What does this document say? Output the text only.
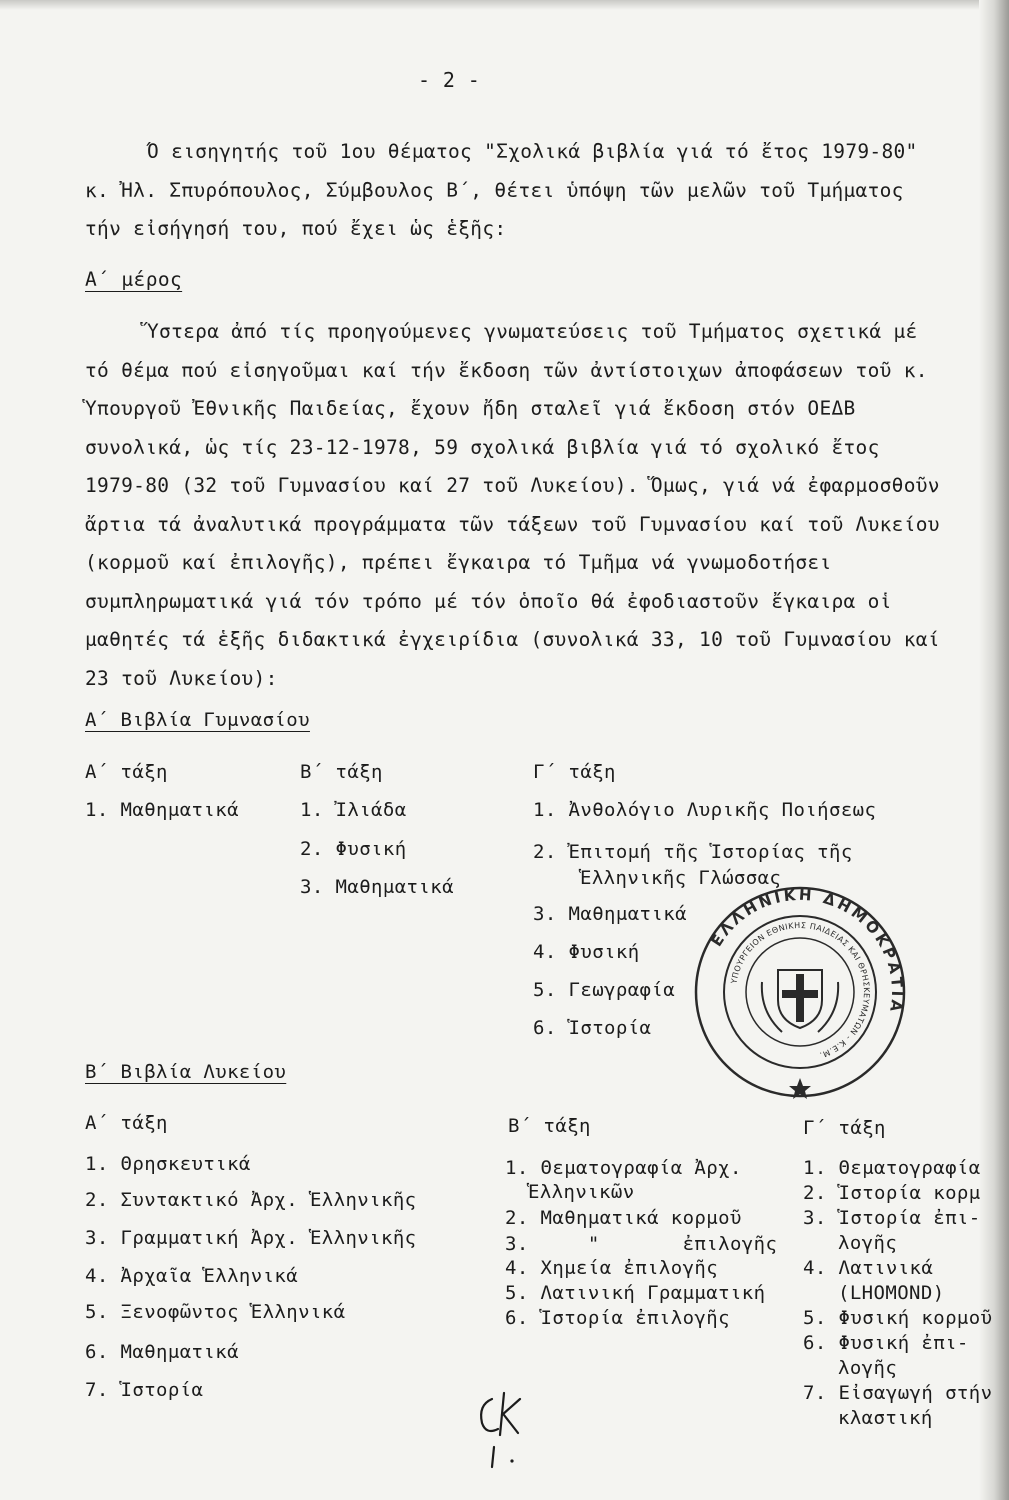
- 2 -
Ό εισηγητής τοῦ 1ου θέματος "Σχολικά βιβλία γιά τό ἔτος 1979-80" κ. Ἠλ. Σπυρόπουλος, Σύμβουλος Β΄, θέτει ὑπόψη τῶν μελῶν τοῦ Τμήματος τήν εἰσήγησή του, πού ἔχει ὡς ἑξῆς:
Α΄ μέρος
Ὕστερα ἀπό τίς προηγούμενες γνωματεύσεις τοῦ Τμήματος σχετικά μέ τό θέμα πού εἰσηγοῦμαι καί τήν ἔκδοση τῶν ἀντίστοιχων ἀποφάσεων τοῦ κ. Ὑπουργοῦ Ἐθνικῆς Παιδείας, ἔχουν ἤδη σταλεῖ γιά ἔκδοση στόν ΟΕΔΒ συνολικά, ὡς τίς 23-12-1978, 59 σχολικά βιβλία γιά τό σχολικό ἔτος 1979-80 (32 τοῦ Γυμνασίου καί 27 τοῦ Λυκείου). Ὅμως, γιά νά ἐφαρμοσθοῦν ἄρτια τά ἀναλυτικά προγράμματα τῶν τάξεων τοῦ Γυμνασίου καί τοῦ Λυκείου (κορμοῦ καί ἐπιλογῆς), πρέπει ἔγκαιρα τό Τμῆμα νά γνωμοδοτήσει συμπληρωματικά γιά τόν τρόπο μέ τόν ὁποῖο θά ἐφοδιαστοῦν ἔγκαιρα οἱ μαθητές τά ἑξῆς διδακτικά ἐγχειρίδια (συνολικά 33, 10 τοῦ Γυμνασίου καί 23 τοῦ Λυκείου):
Α΄ Βιβλία Γυμνασίου
Α΄ τάξη
1. Μαθηματικά
Β΄ τάξη
1. Ἰλιάδα
2. Φυσική
3. Μαθηματικά
Γ΄ τάξη
1. Ἀνθολόγιο Λυρικῆς Ποιήσεως
2. Ἐπιτομή τῆς Ἱστορίας τῆς
Ἑλληνικῆς Γλώσσας
3. Μαθηματικά
4. Φυσική
5. Γεωγραφία
6. Ἱστορία
Β΄ Βιβλία Λυκείου
Α΄ τάξη
1. Θρησκευτικά
2. Συντακτικό Ἀρχ. Ἑλληνικῆς
3. Γραμματική Ἀρχ. Ἑλληνικῆς
4. Ἀρχαῖα Ἑλληνικά
5. Ξενοφῶντος Ἑλληνικά
6. Μαθηματικά
7. Ἱστορία
Β΄ τάξη
1. Θεματογραφία Ἀρχ.
Ἑλληνικῶν
2. Μαθηματικά κορμοῦ
3.     "       ἐπιλογῆς
4. Χημεία ἐπιλογῆς
5. Λατινική Γραμματική
6. Ἱστορία ἐπιλογῆς
Γ΄ τάξη
1. Θεματογραφία
2. Ἱστορία κορμ
3. Ἱστορία ἐπι-
λογῆς
4. Λατινικά
(LHOMOND)
5. Φυσική κορμοῦ
6. Φυσική ἐπι-
λογῆς
7. Εἰσαγωγή στήν
κλαστική
ΕΛΛΗΝΙΚΗ ΔΗΜΟΚΡΑΤΙΑ
ΥΠΟΥΡΓΕΙΟΝ ΕΘΝΙΚΗΣ ΠΑΙΔΕΙΑΣ ΚΑΙ ΘΡΗΣΚΕΥΜΑΤΩΝ - Κ.Ε.Μ.
